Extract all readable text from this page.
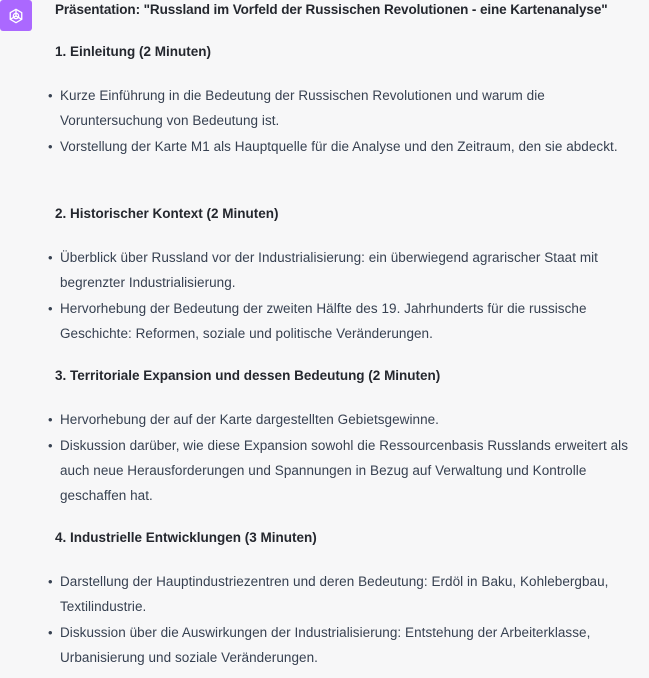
Präsentation: "Russland im Vorfeld der Russischen Revolutionen - eine Kartenanalyse"
1. Einleitung (2 Minuten)
• Kurze Einführung in die Bedeutung der Russischen Revolutionen und warum die Voruntersuchung von Bedeutung ist.
• Vorstellung der Karte M1 als Hauptquelle für die Analyse und den Zeitraum, den sie abdeckt.
2. Historischer Kontext (2 Minuten)
• Überblick über Russland vor der Industrialisierung: ein überwiegend agrarischer Staat mit begrenzter Industrialisierung.
• Hervorhebung der Bedeutung der zweiten Hälfte des 19. Jahrhunderts für die russische Geschichte: Reformen, soziale und politische Veränderungen.
3. Territoriale Expansion und dessen Bedeutung (2 Minuten)
• Hervorhebung der auf der Karte dargestellten Gebietsgewinne.
• Diskussion darüber, wie diese Expansion sowohl die Ressourcenbasis Russlands erweitert als auch neue Herausforderungen und Spannungen in Bezug auf Verwaltung und Kontrolle geschaffen hat.
4. Industrielle Entwicklungen (3 Minuten)
• Darstellung der Hauptindustriezentren und deren Bedeutung: Erdöl in Baku, Kohlebergbau, Textilindustrie.
• Diskussion über die Auswirkungen der Industrialisierung: Entstehung der Arbeiterklasse, Urbanisierung und soziale Veränderungen.
